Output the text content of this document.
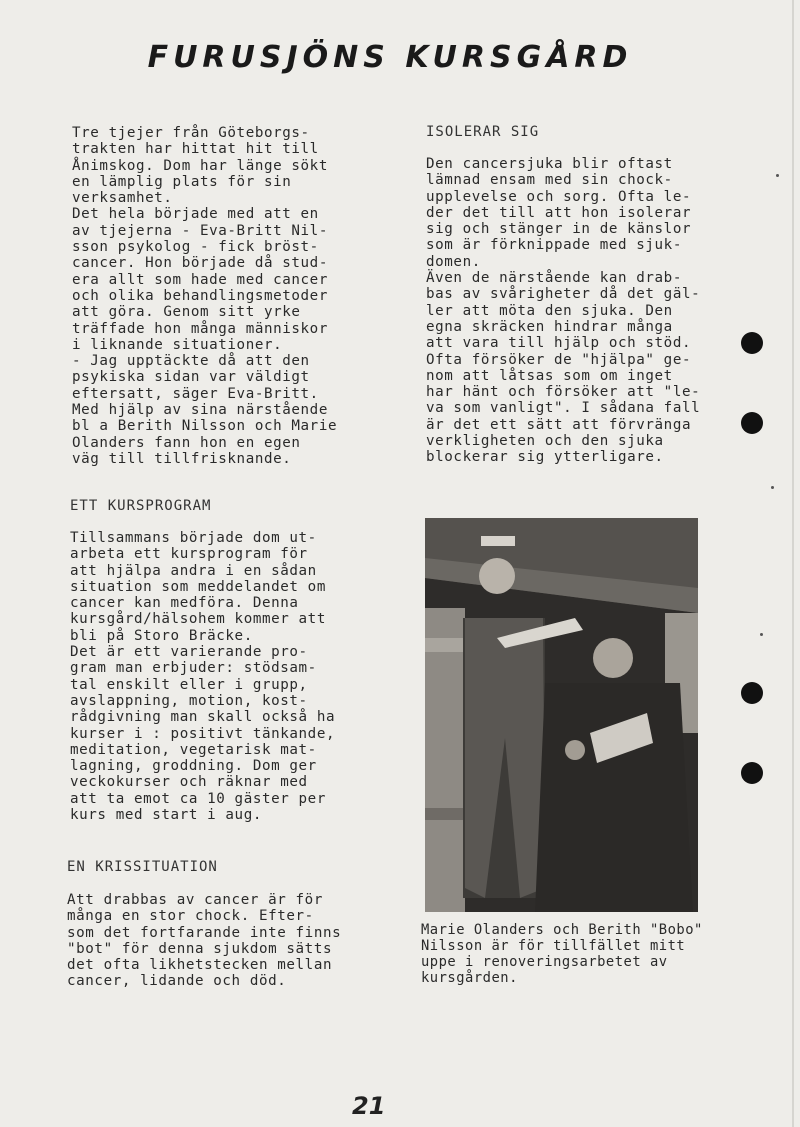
FURUSJÖNS KURSGÅRD
Tre tjejer från Göteborgs-
trakten har hittat hit till
Ånimskog. Dom har länge sökt
en lämplig plats för sin
verksamhet.
Det hela började med att en
av tjejerna - Eva-Britt Nil-
sson psykolog - fick bröst-
cancer. Hon började då stud-
era allt som hade med cancer
och olika behandlingsmetoder
att göra. Genom sitt yrke
träffade hon många människor
i liknande situationer.
- Jag upptäckte då att den
psykiska sidan var väldigt
eftersatt, säger Eva-Britt.
Med hjälp av sina närstående
bl a Berith Nilsson och Marie
Olanders fann hon en egen
väg till tillfrisknande.
ISOLERAR SIG
Den cancersjuka blir oftast
lämnad ensam med sin chock-
upplevelse och sorg. Ofta le-
der det till att hon isolerar
sig och stänger in de känslor
som är förknippade med sjuk-
domen.
Även de närstående kan drab-
bas av svårigheter då det gäl-
ler att möta den sjuka. Den
egna skräcken hindrar många
att vara till hjälp och stöd.
Ofta försöker de "hjälpa" ge-
nom att låtsas som om inget
har hänt och försöker att "le-
va som vanligt". I sådana fall
är det ett sätt att förvränga
verkligheten och den sjuka
blockerar sig ytterligare.
ETT KURSPROGRAM
Tillsammans började dom ut-
arbeta ett kursprogram för
att hjälpa andra i en sådan
situation som meddelandet om
cancer kan medföra. Denna
kursgård/hälsohem kommer att
bli på Storo Bräcke.
Det är ett varierande pro-
gram man erbjuder: stödsam-
tal enskilt eller i grupp,
avslappning, motion, kost-
rådgivning man skall också ha
kurser i : positivt tänkande,
meditation, vegetarisk mat-
lagning, groddning. Dom ger
veckokurser och räknar med
att ta emot ca 10 gäster per
kurs med start i aug.
EN KRISSITUATION
Att drabbas av cancer är för
många en stor chock. Efter-
som det fortfarande inte finns
"bot" för denna sjukdom sätts
det ofta likhetstecken mellan
cancer, lidande och död.
Marie Olanders och Berith "Bobo"
Nilsson är för tillfället mitt
uppe i renoveringsarbetet av
kursgården.
21
